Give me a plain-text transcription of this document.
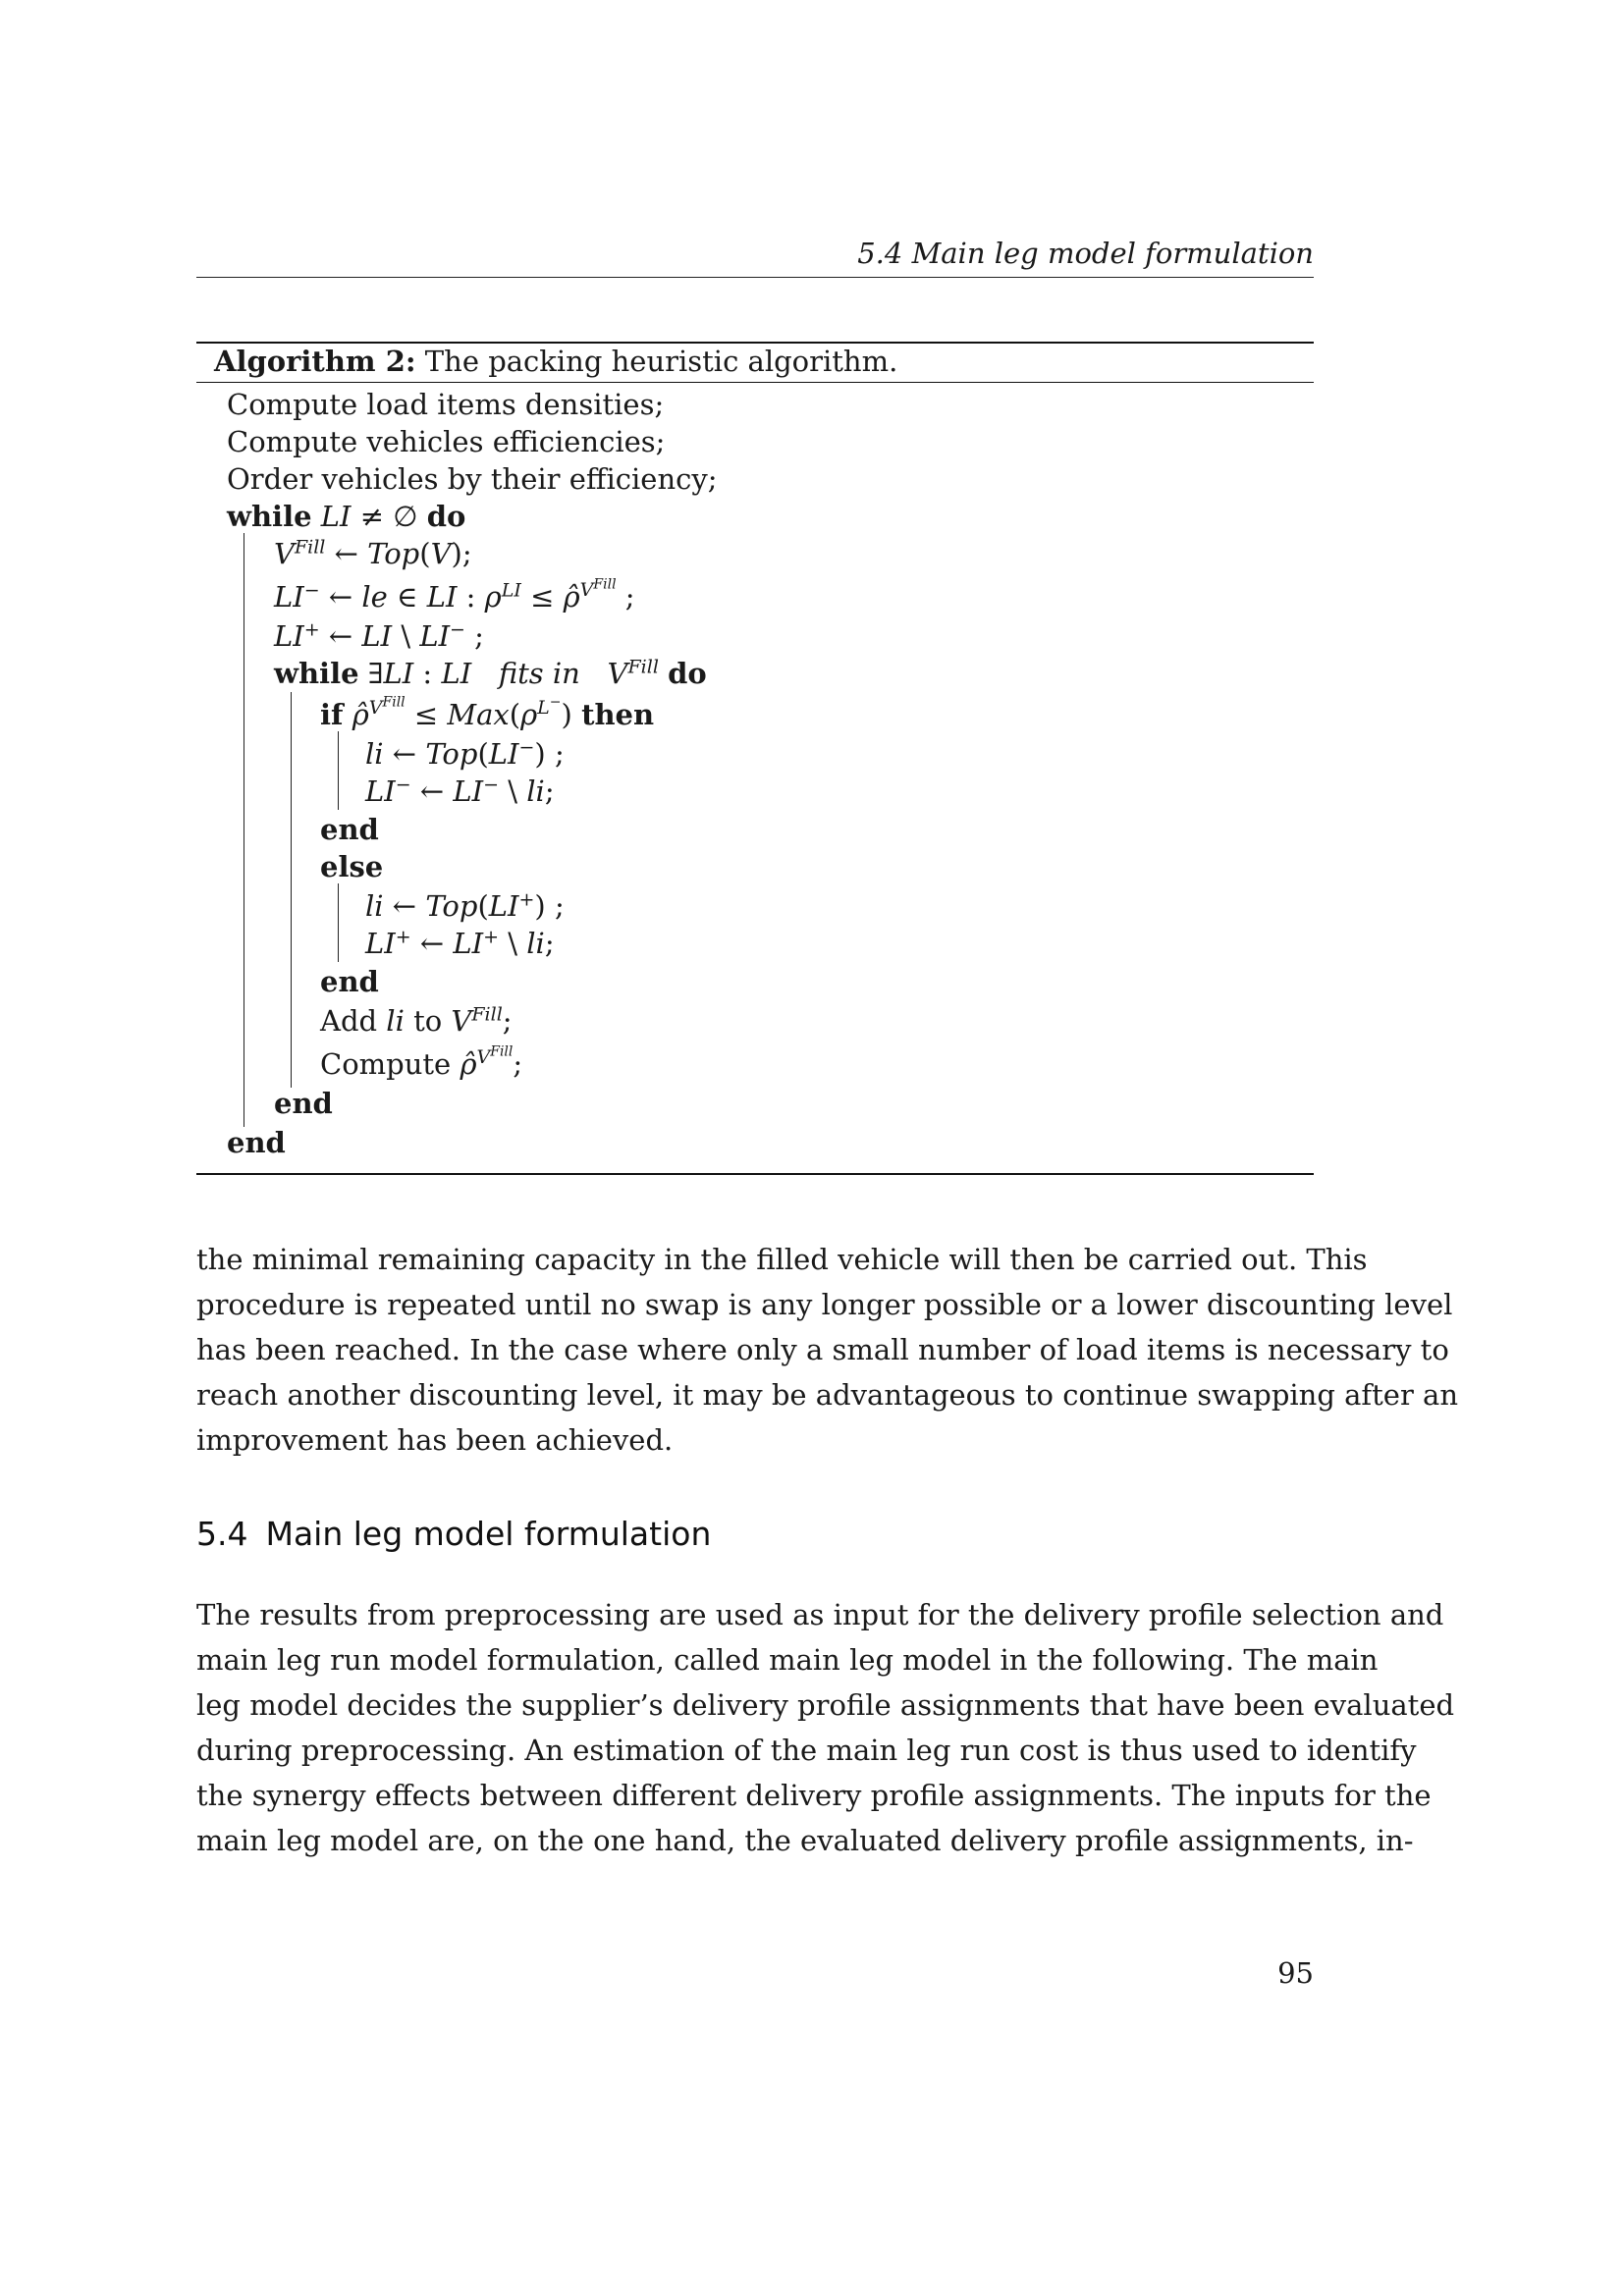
5.4 Main leg model formulation
Algorithm 2: The packing heuristic algorithm.
Compute load items densities;
Compute vehicles efficiencies;
Order vehicles by their efficiency;
while LI ≠ ∅ do
$V^{Fill}$ ← Top(V);
LI− ← le ∈ LI : $\rho^{LI}$ ≤ ρ̂$^{V^{Fill}}$ ;
LI+ ← LI \ LI− ;
while ∃LI : LI fits in $V^{Fill}$ do
if ρ̂$^{V^{Fill}}$ ≤ $Max(\rho^{L^-})$ then
li ← Top(LI−) ;
LI− ← LI− \ li;
end
else
li ← Top(LI+) ;
LI+ ← LI+ \ li;
end
Add li to $V^{Fill}$;
Compute ρ̂$^{V^{Fill}}$;
end
end
the minimal remaining capacity in the filled vehicle will then be carried out. This
procedure is repeated until no swap is any longer possible or a lower discounting level
has been reached. In the case where only a small number of load items is necessary to
reach another discounting level, it may be advantageous to continue swapping after an
improvement has been achieved.
5.4 Main leg model formulation
The results from preprocessing are used as input for the delivery profile selection and
main leg run model formulation, called main leg model in the following. The main
leg model decides the supplier’s delivery profile assignments that have been evaluated
during preprocessing. An estimation of the main leg run cost is thus used to identify
the synergy effects between different delivery profile assignments. The inputs for the
main leg model are, on the one hand, the evaluated delivery profile assignments, in-
95
